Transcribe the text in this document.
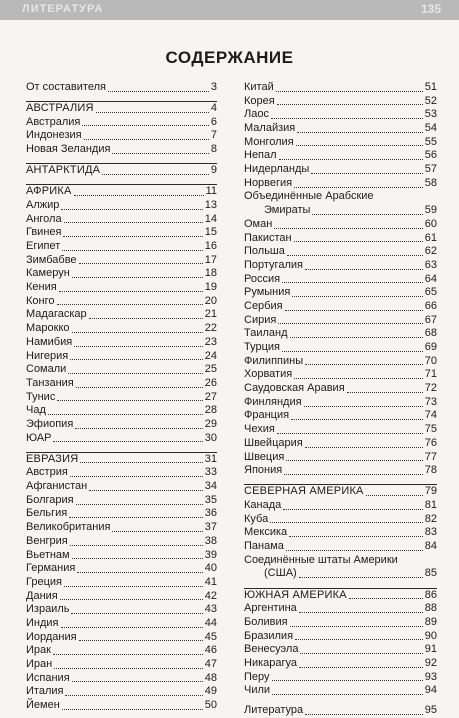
ЛИТЕРАТУРА	135
СОДЕРЖАНИЕ
От составителя	3
АВСТРАЛИЯ	4
Австралия	6
Индонезия	7
Новая Зеландия	8
АНТАРКТИДА	9
АФРИКА	11
Алжир	13
Ангола	14
Гвинея	15
Египет	16
Зимбабве	17
Камерун	18
Кения	19
Конго	20
Мадагаскар	21
Марокко	22
Намибия	23
Нигерия	24
Сомали	25
Танзания	26
Тунис	27
Чад	28
Эфиопия	29
ЮАР	30
ЕВРАЗИЯ	31
Австрия	33
Афганистан	34
Болгария	35
Бельгия	36
Великобритания	37
Венгрия	38
Вьетнам	39
Германия	40
Греция	41
Дания	42
Израиль	43
Индия	44
Иордания	45
Ирак	46
Иран	47
Испания	48
Италия	49
Йемен	50
Китай	51
Корея	52
Лаос	53
Малайзия	54
Монголия	55
Непал	56
Нидерланды	57
Норвегия	58
Объединённые Арабские
Эмираты	59
Оман	60
Пакистан	61
Польша	62
Португалия	63
Россия	64
Румыния	65
Сербия	66
Сирия	67
Таиланд	68
Турция	69
Филиппины	70
Хорватия	71
Саудовская Аравия	72
Финляндия	73
Франция	74
Чехия	75
Швейцария	76
Швеция	77
Япония	78
СЕВЕРНАЯ АМЕРИКА	79
Канада	81
Куба	82
Мексика	83
Панама	84
Соединённые штаты Америки
(США)	85
ЮЖНАЯ АМЕРИКА	86
Аргентина	88
Боливия	89
Бразилия	90
Венесуэла	91
Никарагуа	92
Перу	93
Чили	94
Литература	95
